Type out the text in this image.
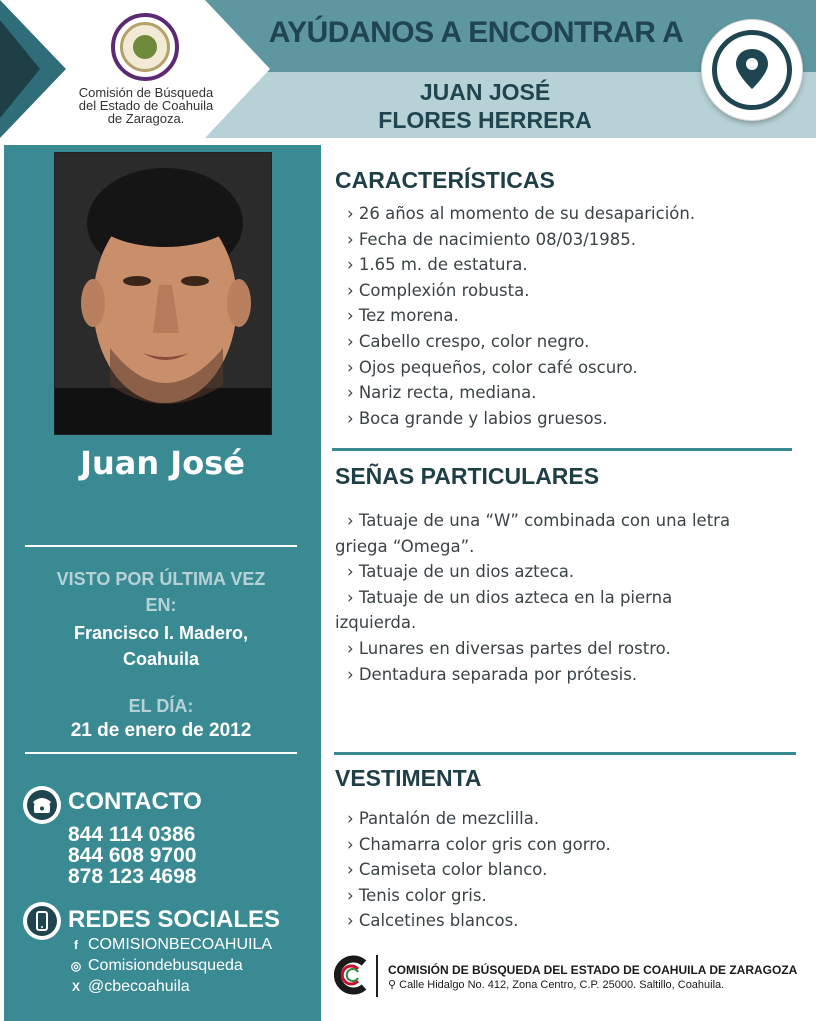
Comisión de Búsqueda
del Estado de Coahuila
de Zaragoza.
AYÚDANOS A ENCONTRAR A
JUAN JOSÉ
FLORES HERRERA
Juan José
VISTO POR ÚLTIMA VEZ
EN:
Francisco I. Madero,
Coahuila
EL DÍA:
21 de enero de 2012
CONTACTO
844 114 0386
844 608 9700
878 123 4698
REDES SOCIALES
f COMISIONBECOAHUILA
◎ Comisiondebusqueda
X @cbecoahuila
CARACTERÍSTICAS
› 26 años al momento de su desaparición.
› Fecha de nacimiento 08/03/1985.
› 1.65 m. de estatura.
› Complexión robusta.
› Tez morena.
› Cabello crespo, color negro.
› Ojos pequeños, color café oscuro.
› Nariz recta, mediana.
› Boca grande y labios gruesos.
SEÑAS PARTICULARES
› Tatuaje de una “W” combinada con una letra
griega “Omega”.
› Tatuaje de un dios azteca.
› Tatuaje de un dios azteca en la pierna
izquierda.
› Lunares en diversas partes del rostro.
› Dentadura separada por prótesis.
VESTIMENTA
› Pantalón de mezclilla.
› Chamarra color gris con gorro.
› Camiseta color blanco.
› Tenis color gris.
› Calcetines blancos.
COMISIÓN DE BÚSQUEDA DEL ESTADO DE COAHUILA DE ZARAGOZA
⚲ Calle Hidalgo No. 412, Zona Centro, C.P. 25000. Saltillo, Coahuila.
